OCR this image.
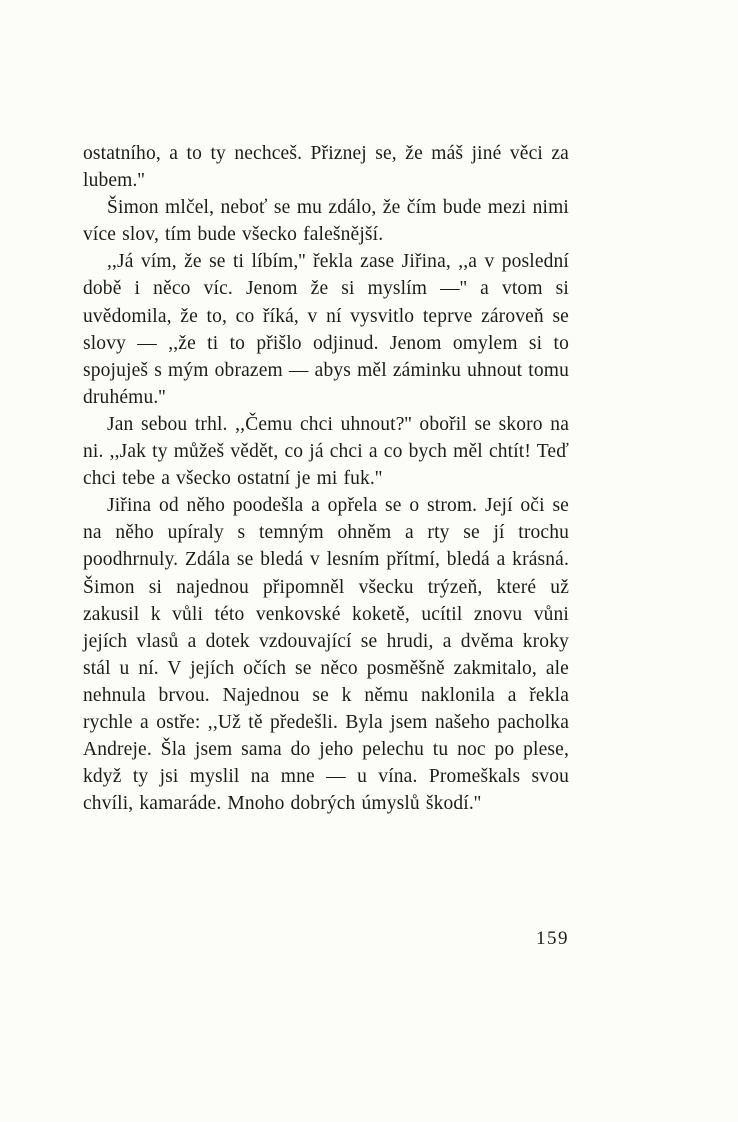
ostatního, a to ty nechceš. Přiznej se, že máš jiné věci za lubem.''

Šimon mlčel, neboť se mu zdálo, že čím bude mezi nimi více slov, tím bude všecko falešnější.

,,Já vím, že se ti líbím,'' řekla zase Jiřina, ,,a v poslední době i něco víc. Jenom že si myslím —'' a vtom si uvědomila, že to, co říká, v ní vysvitlo teprve zároveň se slovy — ,,že ti to přišlo odjinud. Jenom omylem si to spojuješ s mým obrazem — abys měl záminku uhnout tomu druhému.''

Jan sebou trhl. ,,Čemu chci uhnout?'' obořil se skoro na ni. ,,Jak ty můžeš vědět, co já chci a co bych měl chtít! Teď chci tebe a všecko ostatní je mi fuk.''

Jiřina od něho poodešla a opřela se o strom. Její oči se na něho upíraly s temným ohněm a rty se jí trochu poodhrnuly. Zdála se bledá v lesním přítmí, bledá a krásná. Šimon si najednou připomněl všecku trýzeň, které už zakusil k vůli této venkovské koketě, ucítil znovu vůni jejích vlasů a dotek vzdouvající se hrudi, a dvěma kroky stál u ní. V jejích očích se něco posměšně zakmitalo, ale nehnula brvou. Najednou se k němu naklonila a řekla rychle a ostře: ,,Už tě předešli. Byla jsem našeho pacholka Andreje. Šla jsem sama do jeho pelechu tu noc po plese, když ty jsi myslil na mne — u vína. Promeškals svou chvíli, kamaráde. Mnoho dobrých úmyslů škodí.''

159
